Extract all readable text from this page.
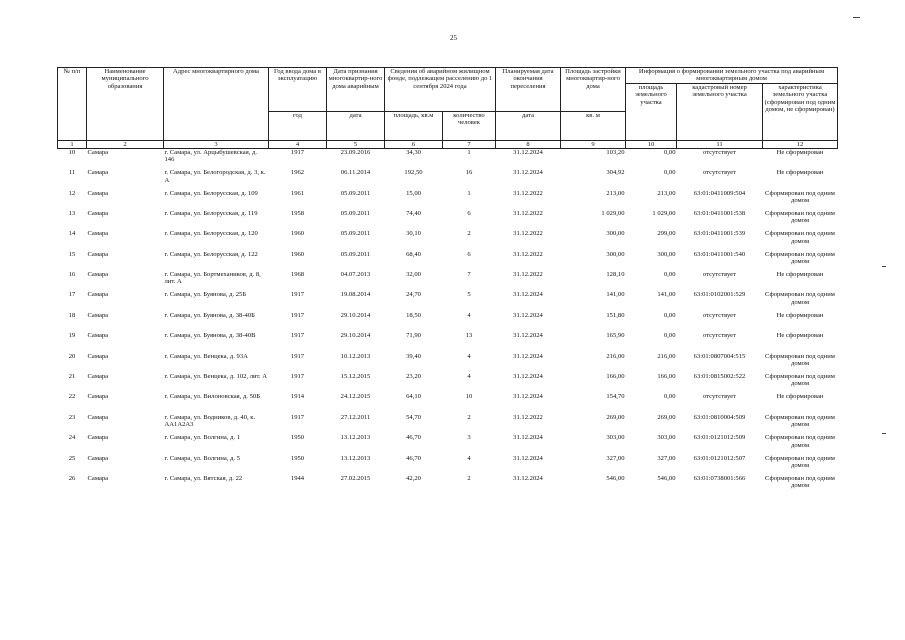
25
№ п/п	Наименование муниципального образования	Адрес многоквартирного дома	Год ввода дома в эксплуатацию	Дата признания многоквартир-ного дома аварийным	Сведения об аварийном жилищном фонде, подлежащем расселению до 1 сентября 2024 года		Планируемая дата окончания переселения	Площадь застройки многоквартир-ного дома	Информация о формировании земельного участка под аварийным многоквартирным домом		
									площадь земельного участка	кадастровый номер земельного участка	характеристика земельного участка (сформирован под одним домом, не сформирован)
			год	дата	площадь, кв.м	количество человек	дата	кв. м			
1	2	3	4	5	6	7	8	9	10	11	12
10	Самара	г. Самара, ул. Арцыбушевская, д. 146	1917	23.09.2016	34,30	1	31.12.2024	103,20	0,00	отсутствует	Не сформирован
11	Самара	г. Самара, ул. Белогородская, д. 3, к. А	1962	06.11.2014	192,50	16	31.12.2024	304,92	0,00	отсутствует	Не сформирован
12	Самара	г. Самара, ул. Белорусская, д. 109	1961	05.09.2011	15,00	1	31.12.2022	213,00	213,00	63:01:0411009:504	Сформирован под одним домом
13	Самара	г. Самара, ул. Белорусская, д. 119	1958	05.09.2011	74,40	6	31.12.2022	1 029,00	1 029,00	63:01:0411001:538	Сформирован под одним домом
14	Самара	г. Самара, ул. Белорусская, д. 120	1960	05.09.2011	30,10	2	31.12.2022	300,00	299,00	63:01:0411001:539	Сформирован под одним домом
15	Самара	г. Самара, ул. Белорусская, д. 122	1960	05.09.2011	68,40	6	31.12.2022	300,00	300,00	63:01:0411001:540	Сформирован под одним домом
16	Самара	г. Самара, ул. Бортмехаников, д. 8, лит. А	1968	04.07.2013	32,00	7	31.12.2022	128,10	0,00	отсутствует	Не сформирован
17	Самара	г. Самара, ул. Буянова, д. 25Б	1917	19.08.2014	24,70	5	31.12.2024	141,00	141,00	63:01:0102001:529	Сформирован под одним домом
18	Самара	г. Самара, ул. Буянова, д. 38-40Б	1917	29.10.2014	18,50	4	31.12.2024	151,80	0,00	отсутствует	Не сформирован
19	Самара	г. Самара, ул. Буянова, д. 38-40В	1917	29.10.2014	71,90	13	31.12.2024	165,90	0,00	отсутствует	Не сформирован
20	Самара	г. Самара, ул. Венцека, д. 93А	1917	10.12.2013	39,40	4	31.12.2024	216,00	216,00	63:01:0807004:515	Сформирован под одним домом
21	Самара	г. Самара, ул. Венцека, д. 102, лит. А	1917	15.12.2015	23,20	4	31.12.2024	166,00	166,00	63:01:0815002:522	Сформирован под одним домом
22	Самара	г. Самара, ул. Вилоновская, д. 50Б	1914	24.12.2015	64,10	10	31.12.2024	154,70	0,00	отсутствует	Не сформирован
23	Самара	г. Самара, ул. Водников, д. 40, к. АА1А2А3	1917	27.12.2011	54,70	2	31.12.2022	269,00	269,00	63:01:0810004:509	Сформирован под одним домом
24	Самара	г. Самара, ул. Волгина, д. 1	1950	13.12.2013	46,70	3	31.12.2024	303,00	303,00	63:01:0121012:509	Сформирован под одним домом
25	Самара	г. Самара, ул. Волгина, д. 5	1950	13.12.2013	46,70	4	31.12.2024	327,00	327,00	63:01:0121012:507	Сформирован под одним домом
26	Самара	г. Самара, ул. Вятская, д. 22	1944	27.02.2015	42,20	2	31.12.2024	546,00	546,00	63:01:0738001:566	Сформирован под одним домом
